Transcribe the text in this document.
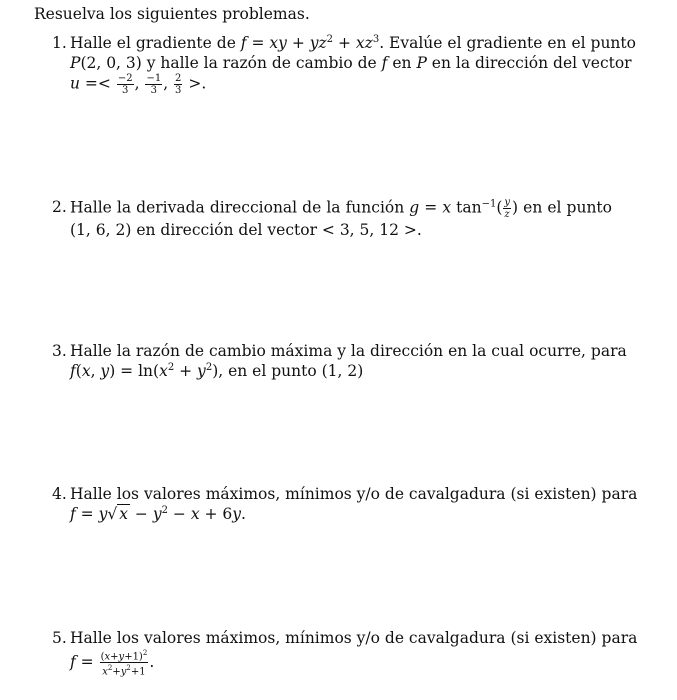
Resuelva los siguientes problemas.
1. Halle el gradiente de f = xy + $yz^2 + xz^3$. Evalúe el gradiente en el punto
P(2, 0, 3) y halle la razón de cambio de f en P en la dirección del vector
$u =< \frac{-2}{3}$ , $\frac{-1}{3}$ , $\frac{2}{3}$ >.
2. Halle la derivada direccional de la función g = x $\tan^{-1}( \frac{y}{z}$ ) en el punto
(1, 6, 2) en dirección del vector < 3, 5, 12 >.
3. Halle la razón de cambio máxima y la dirección en la cual ocurre, para
f(x, $y) = \ln(x^2 + y^2)$, en el punto (1, 2)
4. Halle los valores máximos, mínimos y/o de cavalgadura (si existen) para
f = y√ $x - y^2 - x + 6y$.
5. Halle los valores máximos, mínimos y/o de cavalgadura (si existen) para
$f = \frac{(x+y+1)^2}{x^2+y^2+1}$ .
